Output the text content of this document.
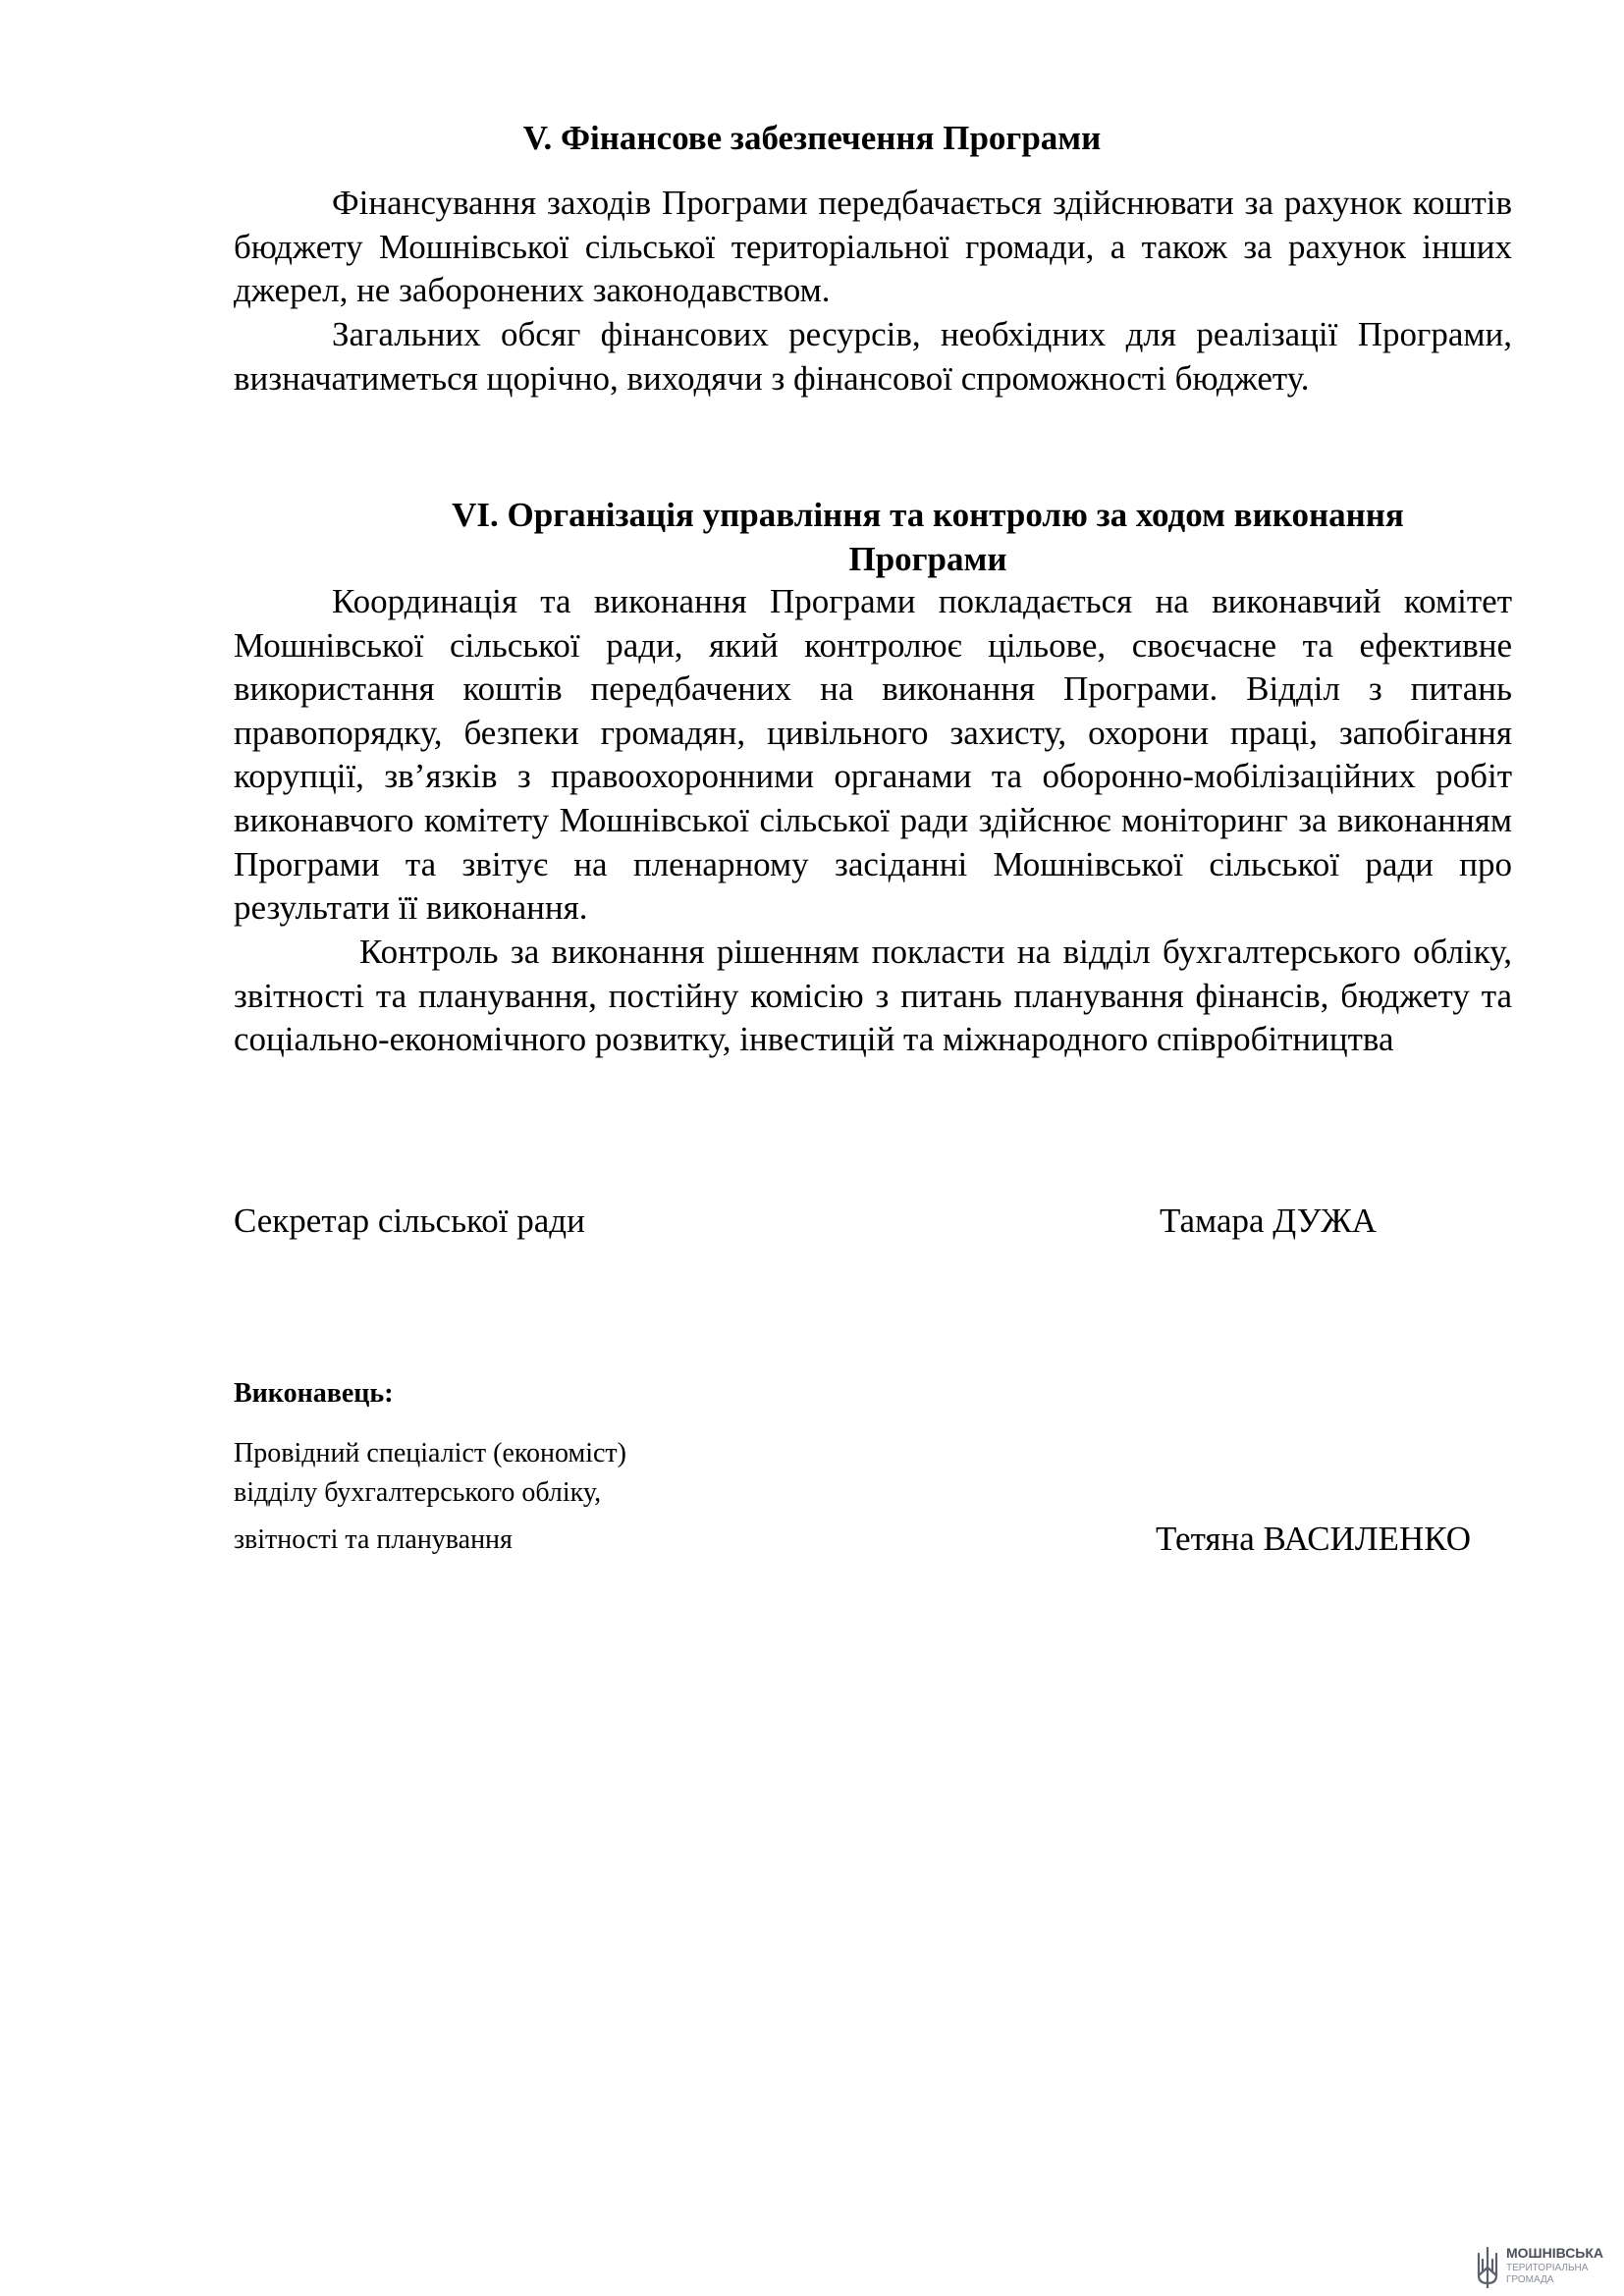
V. Фінансове забезпечення Програми

Фінансування заходів Програми передбачається здійснювати за рахунок коштів бюджету Мошнівської сільської територіальної громади, а також за рахунок інших джерел, не заборонених законодавством.

Загальних обсяг фінансових ресурсів, необхідних для реалізації Програми, визначатиметься щорічно, виходячи з фінансової спроможності бюджету.

VI. Організація управління та контролю за ходом виконання
Програми

Координація та виконання Програми покладається на виконавчий комітет Мошнівської сільської ради, який контролює цільове, своєчасне та ефективне використання коштів передбачених на виконання Програми. Відділ з питань правопорядку, безпеки громадян, цивільного захисту, охорони праці, запобігання корупції, зв’язків з правоохоронними органами та оборонно-мобілізаційних робіт виконавчого комітету Мошнівської сільської ради здійснює моніторинг за виконанням Програми та звітує на пленарному засіданні Мошнівської сільської ради про результати її виконання.

Контроль за виконання рішенням покласти на відділ бухгалтерського обліку, звітності та планування, постійну комісію з питань планування фінансів, бюджету та соціально-економічного розвитку, інвестицій та міжнародного співробітництва

Секретар сільської ради	Тамара ДУЖА
Виконавець:
Провідний спеціаліст (економіст)
відділу бухгалтерського обліку,
звітності та планування	Тетяна ВАСИЛЕНКО
МОШНІВСЬКА
ТЕРИТОРІАЛЬНА
ГРОМАДА
